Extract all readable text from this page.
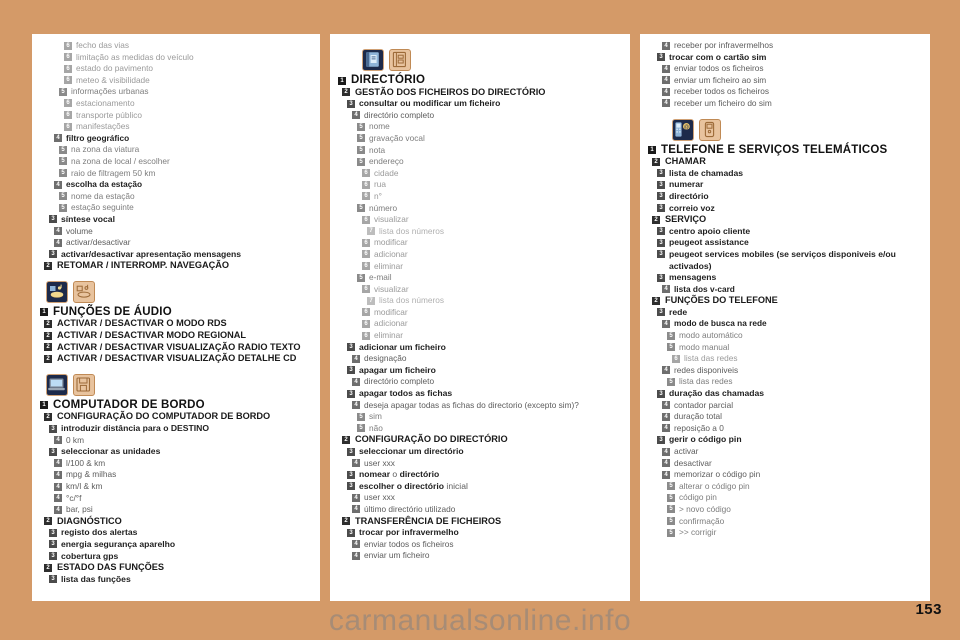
6 fecho das vias
6 limitação as medidas do veículo
6 estado do pavimento
6 meteo & visibilidade
5 informações urbanas
6 estacionamento
6 transporte público
6 manifestações
4 filtro geográfico
5 na zona da viatura
5 na zona de local / escolher
5 raio de filtragem 50 km
4 escolha da estação
5 nome da estação
5 estação seguinte
3 síntese vocal
4 volume
4 activar/desactivar
3 activar/desactivar apresentação mensagens
2 RETOMAR / INTERROMP. NAVEGAÇÃO
1 FUNÇÕES DE ÁUDIO
2 ACTIVAR / DESACTIVAR O MODO RDS
2 ACTIVAR / DESACTIVAR MODO REGIONAL
2 ACTIVAR / DESACTIVAR VISUALIZAÇÃO RADIO TEXTO
2 ACTIVAR / DESACTIVAR VISUALIZAÇÃO DETALHE CD
1 COMPUTADOR DE BORDO
2 CONFIGURAÇÃO DO COMPUTADOR DE BORDO
3 introduzir distância para o DESTINO
4 0 km
3 seleccionar as unidades
4 l/100 & km
4 mpg & milhas
4 km/l & km
4 °c/°f
4 bar, psi
2 DIAGNÓSTICO
3 registo dos alertas
3 energia segurança aparelho
3 cobertura gps
2 ESTADO DAS FUNÇÕES
3 lista das funções
1 DIRECTÓRIO
2 GESTÃO DOS FICHEIROS DO DIRECTÓRIO
3 consultar ou modificar um ficheiro
4 directório completo
5 nome
5 gravação vocal
5 nota
5 endereço
6 cidade
6 rua
6 n°
5 número
6 visualizar
7 lista dos números
6 modificar
6 adicionar
6 eliminar
5 e-mail
6 visualizar
7 lista dos números
6 modificar
6 adicionar
6 eliminar
3 adicionar um ficheiro
4 designação
3 apagar um ficheiro
4 directório completo
3 apagar todos as fichas
4 deseja apagar todas as fichas do directorio (excepto sim)?
5 sim
5 não
2 CONFIGURAÇÃO DO DIRECTÓRIO
3 seleccionar um directório
4 user xxx
3 nomear o directório
3 escolher o directório inicial
4 user xxx
4 último directório utilizado
2 TRANSFERÊNCIA DE FICHEIROS
3 trocar por infravermelho
4 enviar todos os ficheiros
4 enviar um ficheiro
4 receber por infravermelhos
3 trocar com o cartão sim
4 enviar todos os ficheiros
4 enviar um ficheiro ao sim
4 receber todos os ficheiros
4 receber um ficheiro do sim
@
1 TELEFONE E SERVIÇOS TELEMÁTICOS
2 CHAMAR
3 lista de chamadas
3 numerar
3 directório
3 correio voz
2 SERVIÇO
3 centro apoio cliente
3 peugeot assistance
3 peugeot services mobiles (se serviços disponiveis e/ou activados)
3 mensagens
4 lista dos v-card
2 FUNÇÕES DO TELEFONE
3 rede
4 modo de busca na rede
5 modo automático
5 modo manual
6 lista das redes
4 redes disponiveis
5 lista das redes
3 duração das chamadas
4 contador parcial
4 duração total
4 reposição a 0
3 gerir o código pin
4 activar
4 desactivar
4 memorizar o código pin
5 alterar o código pin
5 código pin
5 > novo código
5 confirmação
5 >> corrigir
153
carmanualsonline.info
